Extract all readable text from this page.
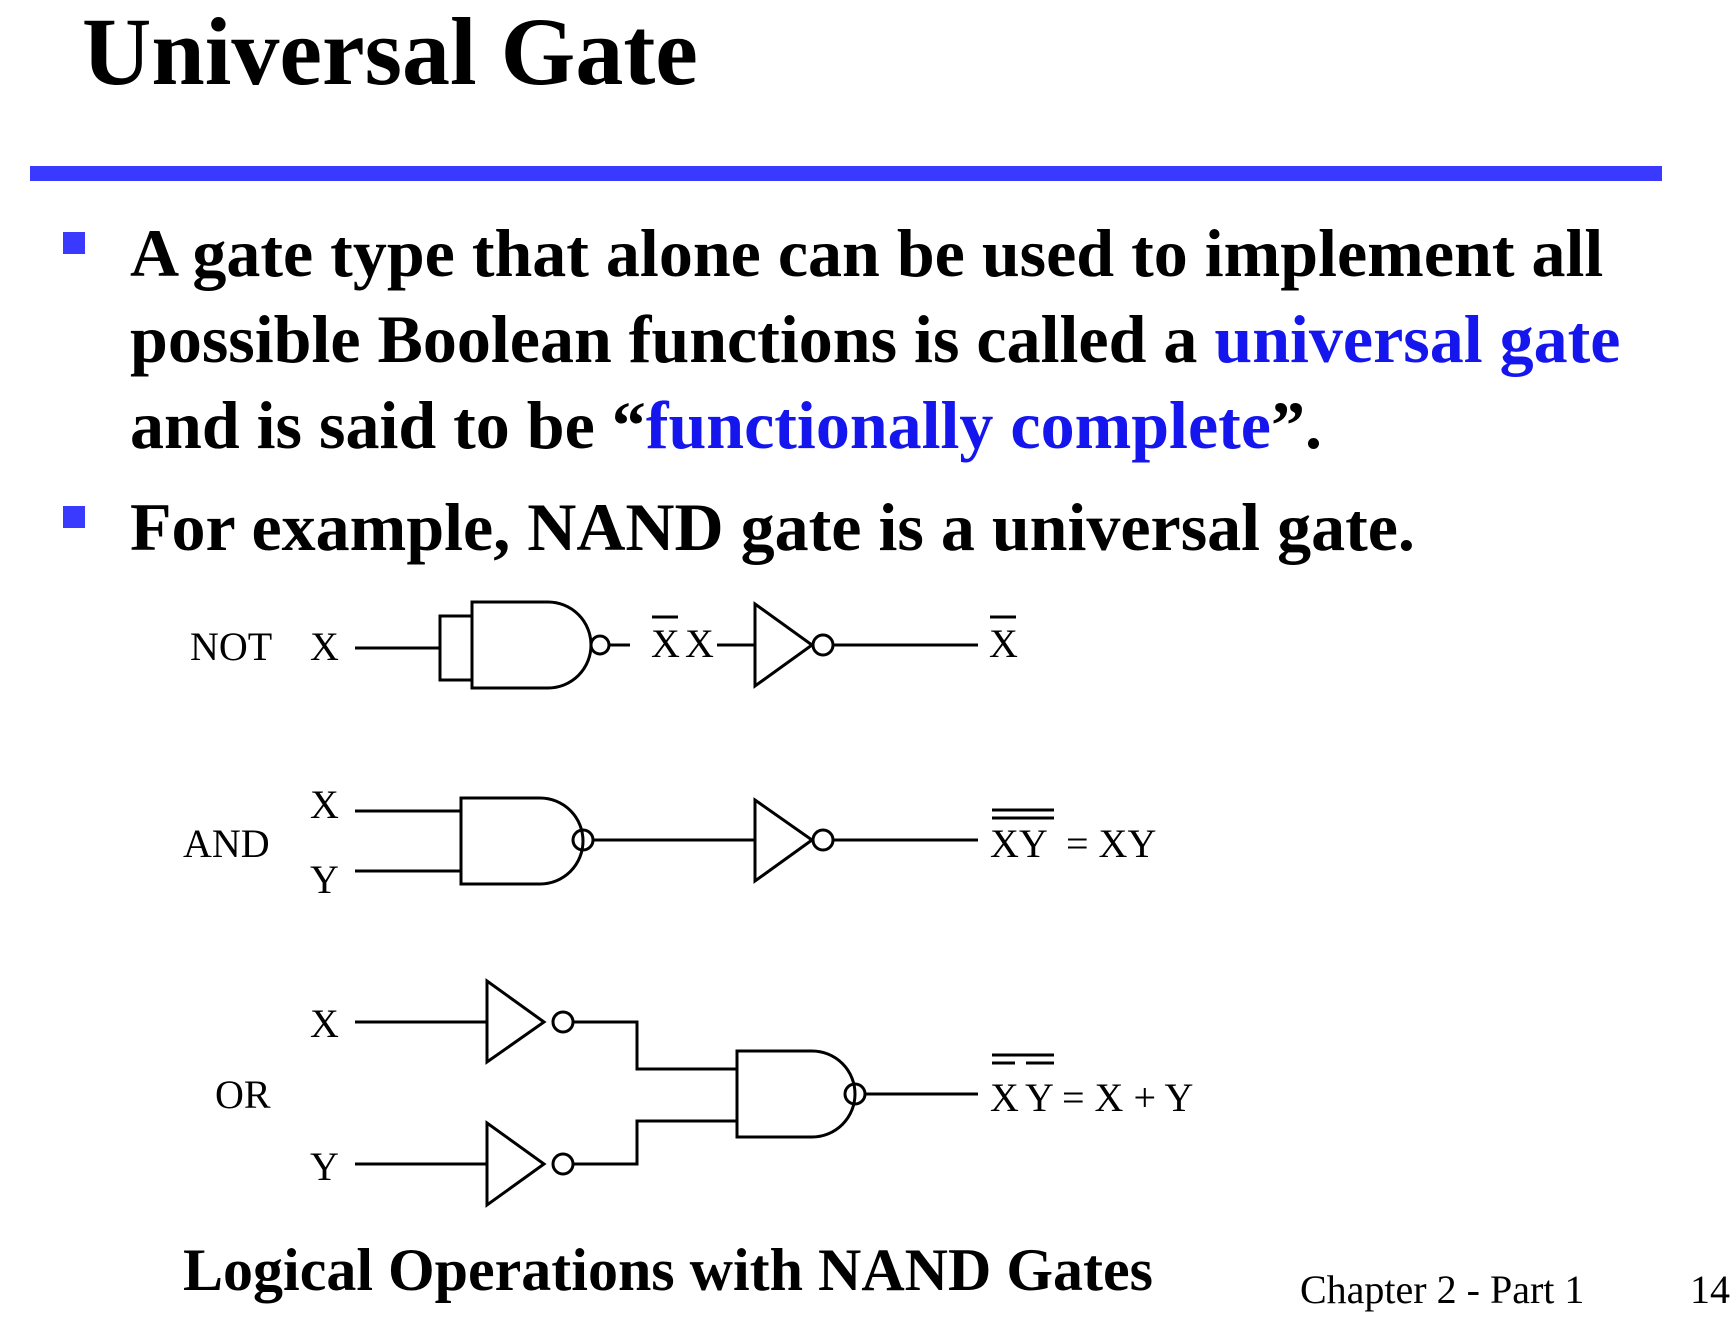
Universal Gate
A gate type that alone can be used to implement all possible Boolean functions is called a universal gate and is said to be “functionally complete”.
For example, NAND gate is a universal gate.
NOT X	X X	X
AND
X
Y
XY = XY
OR
X
Y
X Y = X + Y

Logical Operations with NAND Gates	Chapter 2 - Part 1	14
